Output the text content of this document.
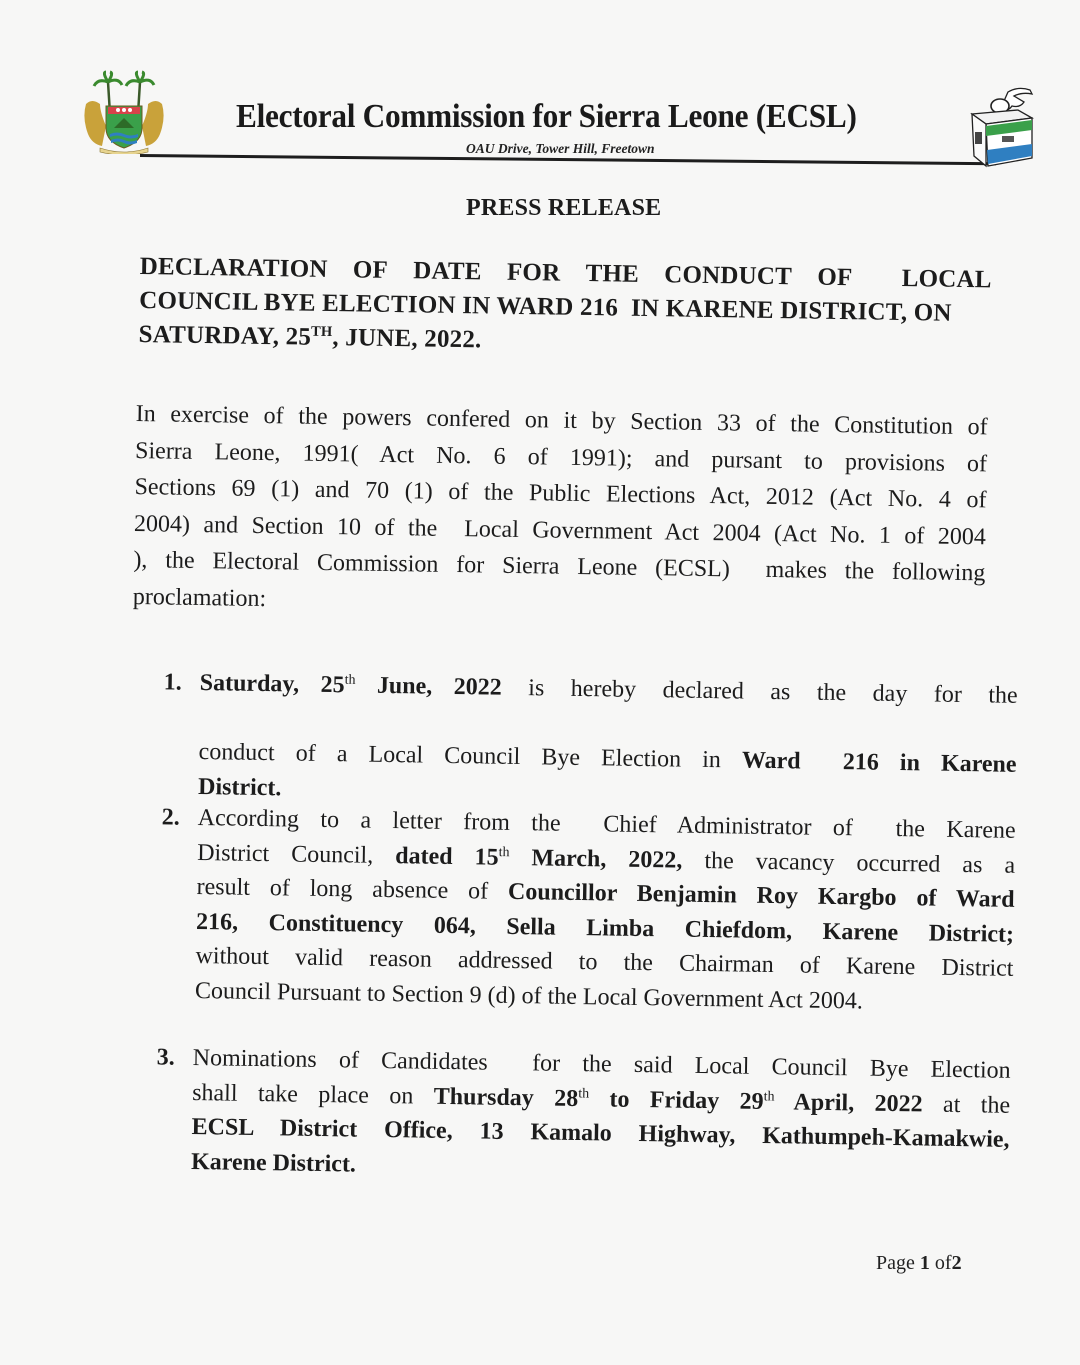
Electoral Commission for Sierra Leone (ECSL)
OAU Drive, Tower Hill, Freetown
PRESS RELEASE
DECLARATION OF DATE FOR THE CONDUCT OF LOCAL
COUNCIL BYE ELECTION IN WARD 216  IN KARENE DISTRICT, ON
SATURDAY, 25TH, JUNE, 2022.
In exercise of the powers confered on it by Section 33 of the Constitution of
Sierra Leone, 1991( Act No. 6 of 1991); and pursant to provisions of
Sections 69 (1) and 70 (1) of the Public Elections Act, 2012 (Act No. 4 of
2004) and Section 10 of the  Local Government Act 2004 (Act No. 1 of 2004
), the Electoral Commission for Sierra Leone (ECSL)  makes the following
proclamation:
1. Saturday, 25th June, 2022 is hereby declared as the day for the

conduct of a Local Council Bye Election in Ward  216 in Karene
District.
2. According to a letter from the  Chief Administrator of  the Karene
District Council, dated 15th March, 2022, the vacancy occurred as a
result of long absence of Councillor Benjamin Roy Kargbo of Ward
216, Constituency 064, Sella Limba Chiefdom, Karene District;
without valid reason addressed to the Chairman of Karene District
Council Pursuant to Section 9 (d) of the Local Government Act 2004.
3. Nominations of Candidates  for the said Local Council Bye Election
shall take place on Thursday 28th to Friday 29th April, 2022 at the
ECSL District Office, 13 Kamalo Highway, Kathumpeh-Kamakwie,
Karene District.
Page 1 of2
